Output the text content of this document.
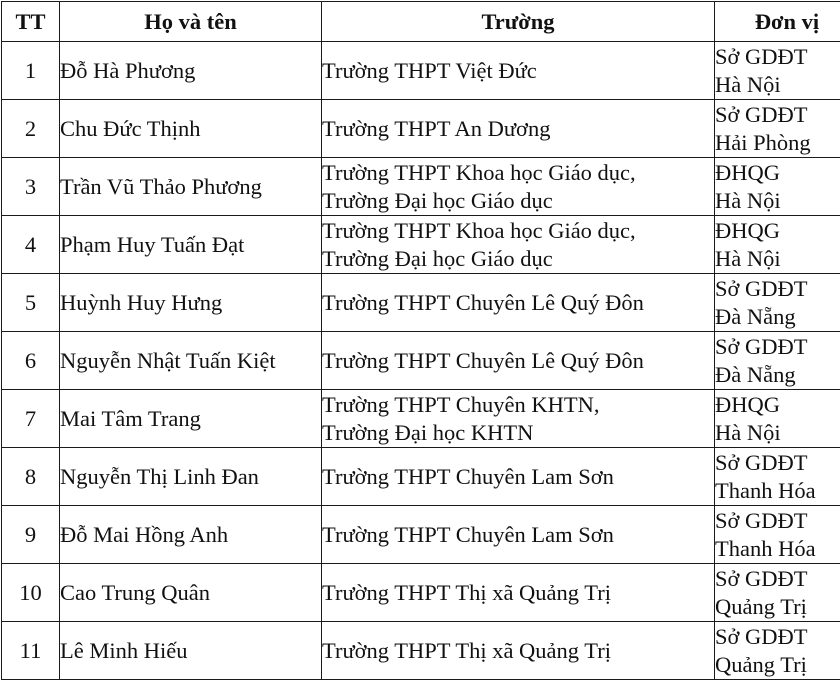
TT	Họ và tên	Trường	Đơn vị
1	Đỗ Hà Phương	Trường THPT Việt Đức	Sở GDĐT
Hà Nội

2	Chu Đức Thịnh	Trường THPT An Dương	Sở GDĐT
Hải Phòng

3	Trần Vũ Thảo Phương	Trường THPT Khoa học Giáo dục,
Trường Đại học Giáo dục	ĐHQG
Hà Nội

4	Phạm Huy Tuấn Đạt	Trường THPT Khoa học Giáo dục,
Trường Đại học Giáo dục	ĐHQG
Hà Nội

5	Huỳnh Huy Hưng	Trường THPT Chuyên Lê Quý Đôn	Sở GDĐT
Đà Nẵng

6	Nguyễn Nhật Tuấn Kiệt	Trường THPT Chuyên Lê Quý Đôn	Sở GDĐT
Đà Nẵng

7	Mai Tâm Trang	Trường THPT Chuyên KHTN,
Trường Đại học KHTN	ĐHQG
Hà Nội

8	Nguyễn Thị Linh Đan	Trường THPT Chuyên Lam Sơn	Sở GDĐT
Thanh Hóa

9	Đỗ Mai Hồng Anh	Trường THPT Chuyên Lam Sơn	Sở GDĐT
Thanh Hóa

10	Cao Trung Quân	Trường THPT Thị xã Quảng Trị	Sở GDĐT
Quảng Trị

11	Lê Minh Hiếu	Trường THPT Thị xã Quảng Trị	Sở GDĐT
Quảng Trị
